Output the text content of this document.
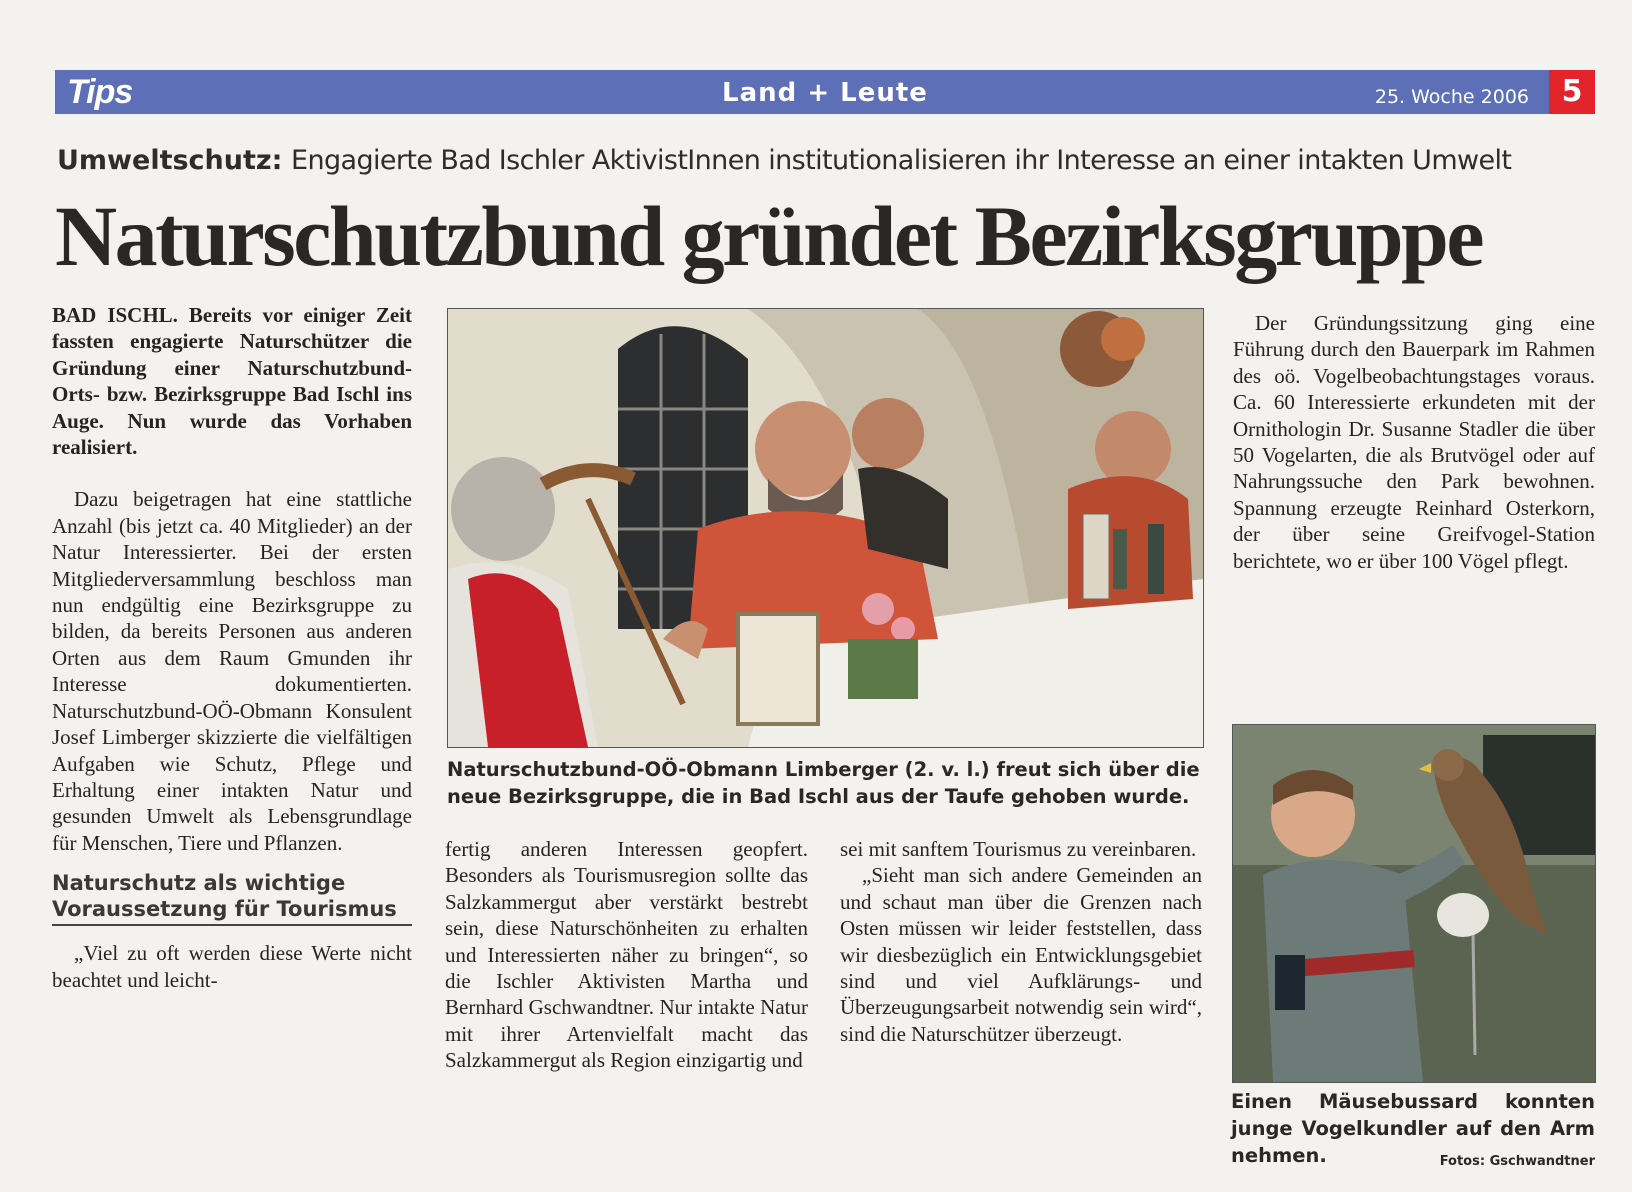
Tips	Land + Leute	25. Woche 2006	5
Umweltschutz: Engagierte Bad Ischler AktivistInnen institutionalisieren ihr Interesse an einer intakten Umwelt
Naturschutzbund gründet Bezirksgruppe

BAD ISCHL. Bereits vor einiger Zeit fassten engagierte Naturschützer die Gründung einer Naturschutzbund-Orts- bzw. Bezirksgruppe Bad Ischl ins Auge. Nun wurde das Vorhaben realisiert.

Dazu beigetragen hat eine stattliche Anzahl (bis jetzt ca. 40 Mitglieder) an der Natur Interessierter. Bei der ersten Mitgliederversammlung beschloss man nun endgültig eine Bezirksgruppe zu bilden, da bereits Personen aus anderen Orten aus dem Raum Gmunden ihr Interesse dokumentierten. Naturschutzbund-OÖ-Obmann Konsulent Josef Limberger skizzierte die vielfältigen Aufgaben wie Schutz, Pflege und Erhaltung einer intakten Natur und gesunden Umwelt als Lebensgrundlage für Menschen, Tiere und Pflanzen.

Naturschutz als wichtige Voraussetzung für Tourismus

„Viel zu oft werden diese Werte nicht beachtet und leicht-

Naturschutzbund-OÖ-Obmann Limberger (2. v. l.) freut sich über die neue Bezirksgruppe, die in Bad Ischl aus der Taufe gehoben wurde.

fertig anderen Interessen geopfert. Besonders als Tourismusregion sollte das Salzkammergut aber verstärkt bestrebt sein, diese Naturschönheiten zu erhalten und Interessierten näher zu bringen“, so die Ischler Aktivisten Martha und Bernhard Gschwandtner. Nur intakte Natur mit ihrer Artenvielfalt macht das Salzkammergut als Region einzigartig und

sei mit sanftem Tourismus zu vereinbaren.

„Sieht man sich andere Gemeinden an und schaut man über die Grenzen nach Osten müssen wir leider feststellen, dass wir diesbezüglich ein Entwicklungsgebiet sind und viel Aufklärungs- und Überzeugungsarbeit notwendig sein wird“, sind die Naturschützer überzeugt.

Der Gründungssitzung ging eine Führung durch den Bauerpark im Rahmen des oö. Vogelbeobachtungstages voraus. Ca. 60 Interessierte erkundeten mit der Ornithologin Dr. Susanne Stadler die über 50 Vogelarten, die als Brutvögel oder auf Nahrungssuche den Park bewohnen. Spannung erzeugte Reinhard Osterkorn, der über seine Greifvogel-Station berichtete, wo er über 100 Vögel pflegt.

Einen Mäusebussard konnten junge Vogelkundler auf den Arm nehmen.	Fotos: Gschwandtner
